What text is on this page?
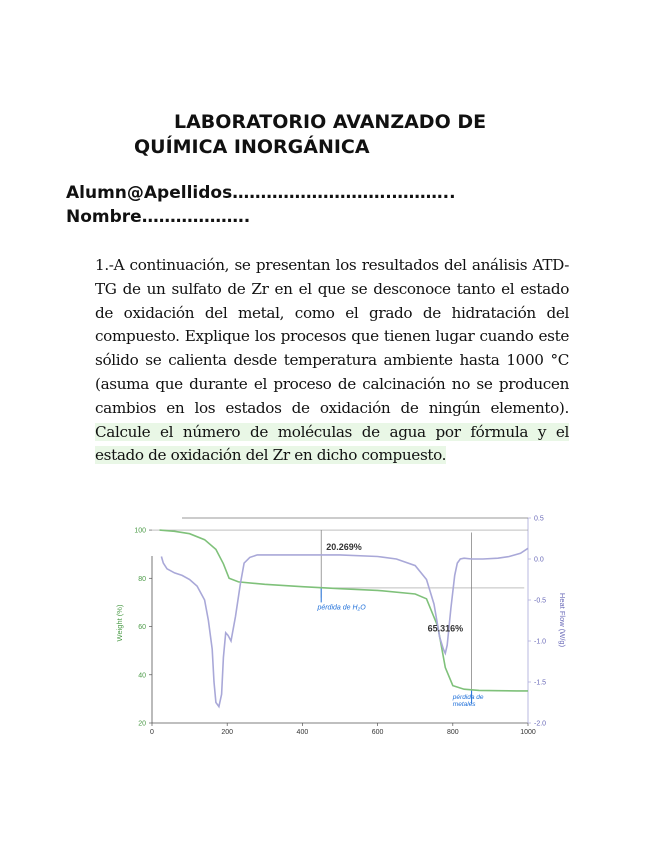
LABORATORIO AVANZADO DE QUÍMICA INORGÁNICA
Alumn@Apellidos……………………….………..
Nombre……………….
1.-A continuación, se presentan los resultados del análisis ATD-TG de un sulfato de Zr en el que se desconoce tanto el estado de oxidación del metal, como el grado de hidratación del compuesto. Explique los procesos que tienen lugar cuando este sólido se calienta desde temperatura ambiente hasta 1000 °C (asuma que durante el proceso de calcinación no se producen cambios en los estados de oxidación de ningún elemento). Calcule el número de moléculas de agua por fórmula y el estado de oxidación del Zr en dicho compuesto.
0	200	400	600	800	1000
20
40
60
80
100
0.5
0.0
-0.5
-1.0
-1.5
-2.0
Weight (%)	Heat Flow (W/g)
20.269%
pérdida de H₂O
65.316%
pérdida de
metales
